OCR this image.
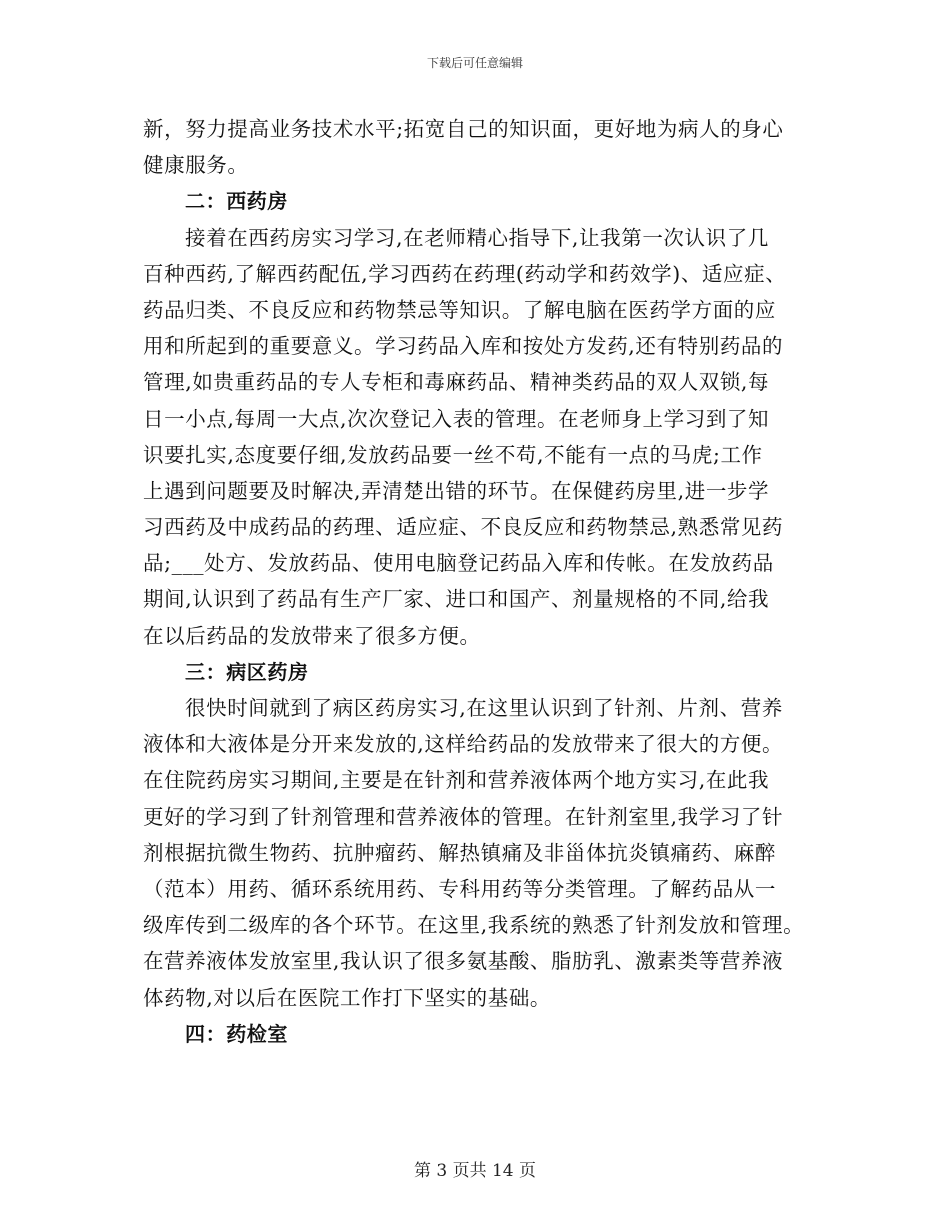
下载后可任意编辑
新，努力提高业务技术水平;拓宽自己的知识面，更好地为病人的身心
健康服务。
二：西药房
接着在西药房实习学习,在老师精心指导下,让我第一次认识了几
百种西药,了解西药配伍,学习西药在药理(药动学和药效学)、适应症、
药品归类、不良反应和药物禁忌等知识。了解电脑在医药学方面的应
用和所起到的重要意义。学习药品入库和按处方发药,还有特别药品的
管理,如贵重药品的专人专柜和毒麻药品、精神类药品的双人双锁,每
日一小点,每周一大点,次次登记入表的管理。在老师身上学习到了知
识要扎实,态度要仔细,发放药品要一丝不苟,不能有一点的马虎;工作
上遇到问题要及时解决,弄清楚出错的环节。在保健药房里,进一步学
习西药及中成药品的药理、适应症、不良反应和药物禁忌,熟悉常见药
品;___处方、发放药品、使用电脑登记药品入库和传帐。在发放药品
期间,认识到了药品有生产厂家、进口和国产、剂量规格的不同,给我
在以后药品的发放带来了很多方便。
三：病区药房
很快时间就到了病区药房实习,在这里认识到了针剂、片剂、营养
液体和大液体是分开来发放的,这样给药品的发放带来了很大的方便。
在住院药房实习期间,主要是在针剂和营养液体两个地方实习,在此我
更好的学习到了针剂管理和营养液体的管理。在针剂室里,我学习了针
剂根据抗微生物药、抗肿瘤药、解热镇痛及非甾体抗炎镇痛药、麻醉
（范本）用药、循环系统用药、专科用药等分类管理。了解药品从一
级库传到二级库的各个环节。在这里,我系统的熟悉了针剂发放和管理。
在营养液体发放室里,我认识了很多氨基酸、脂肪乳、激素类等营养液
体药物,对以后在医院工作打下坚实的基础。
四：药检室
第 3 页共 14 页
